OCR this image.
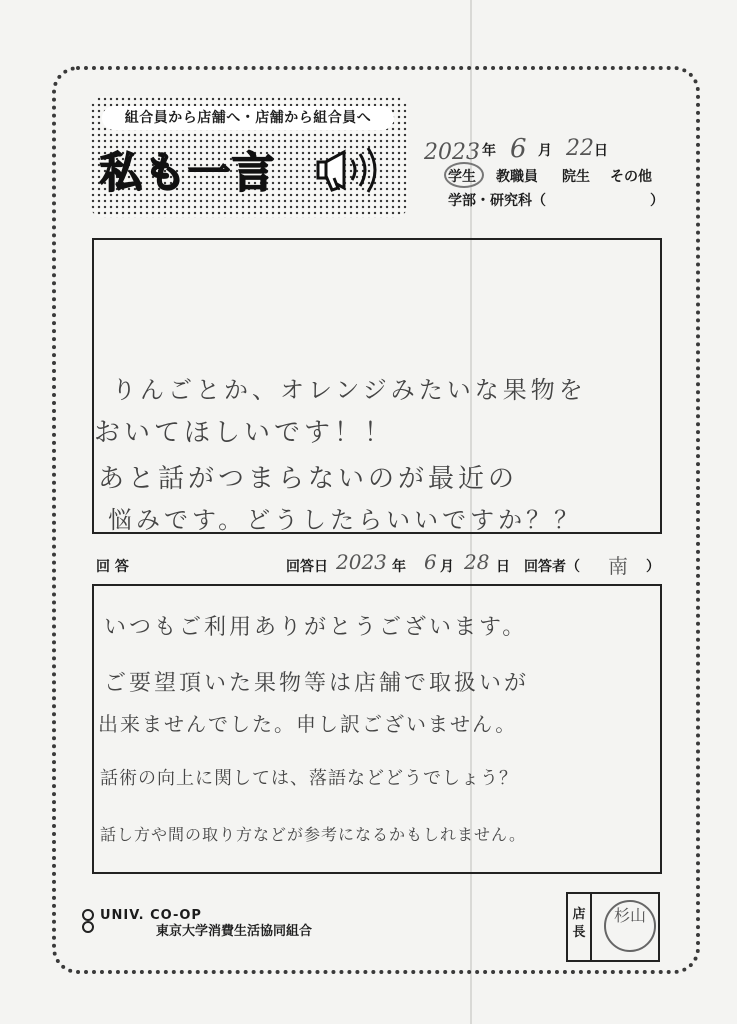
組合員から店舗へ・店舗から組合員へ
私も一言	2023 年 6 月 22 日
学生 教職員 院生 その他
学部・研究科（	）
りんごとか、オレンジみたいな果物を
おいてほしいです！！
あと話がつまらないのが最近の
悩みです。どうしたらいいですか？？
回 答	回答日 2023 年 6 月 28 日 回答者（ 南 ）
いつもご利用ありがとうございます。
ご要望頂いた果物等は店舗で取扱いが
出来ませんでした。申し訳ございません。
話術の向上に関しては、落語などどうでしょう？
話し方や間の取り方などが参考になるかもしれません。
店長
杉山
UNIV. CO-OP
東京大学消費生活協同組合
